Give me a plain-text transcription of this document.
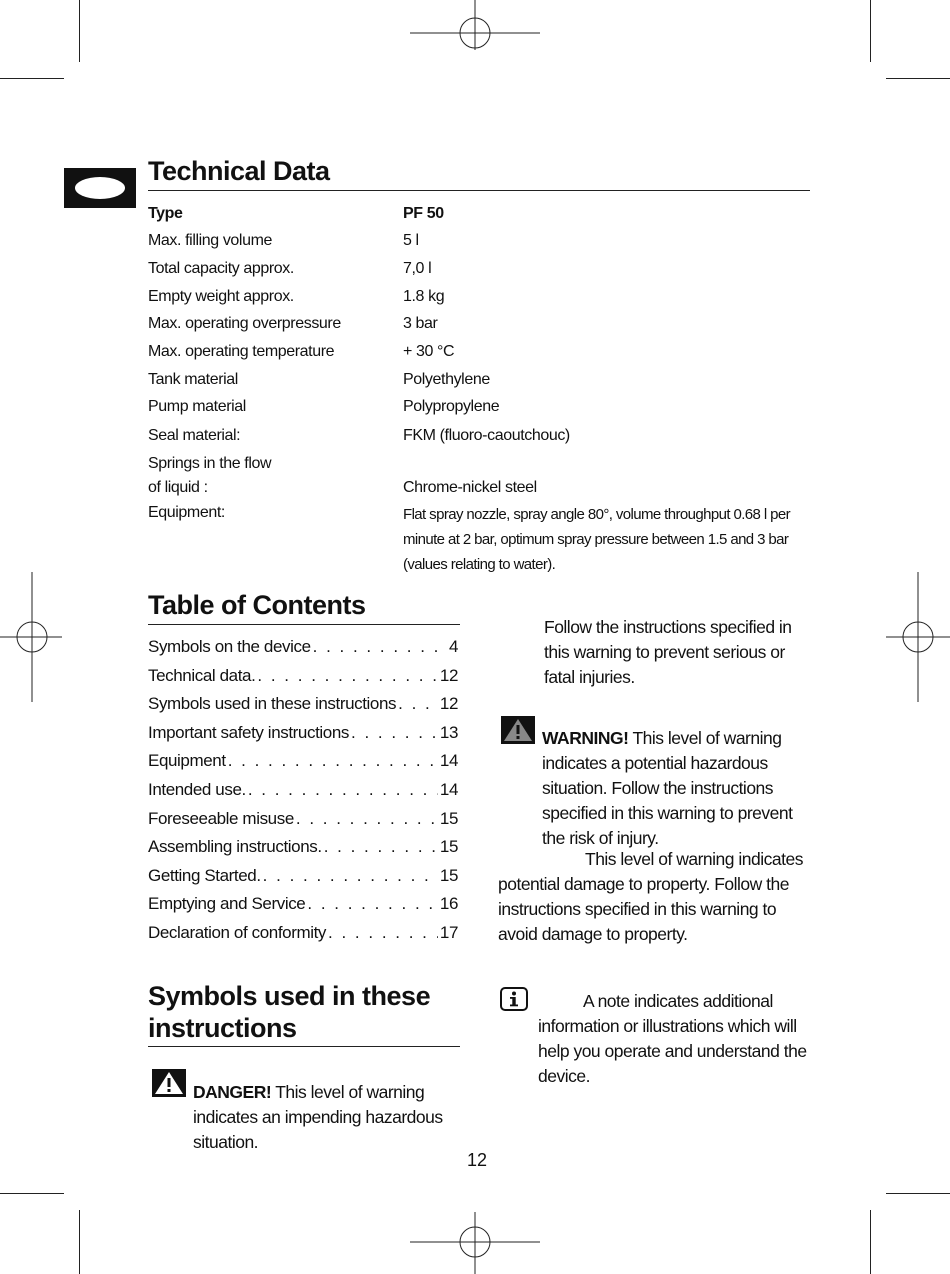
Technical Data
Type	PF 50
Max. filling volume	5 l
Total capacity approx.	7,0 l
Empty weight approx.	1.8 kg
Max. operating overpressure	3 bar
Max. operating temperature	+ 30 °C
Tank material	Polyethylene
Pump material	Polypropylene
Seal material:	FKM (fluoro-caoutchouc)
Springs in the flow
of liquid :	Chrome-nickel steel
Equipment:	Flat spray nozzle, spray angle 80°, volume throughput 0.68 l per minute at 2 bar, optimum spray pressure between 1.5 and 3 bar (values relating to water).
Table of Contents
Symbols on the device . . .	4
Technical data. . . .	12
Symbols used in these instructions . . .	12
Important safety instructions . . .	13
Equipment . . .	14
Intended use. . . .	14
Foreseeable misuse . . .	15
Assembling instructions. . . .	15
Getting Started. . . .	15
Emptying and Service . . .	16
Declaration of conformity . . .	17
Symbols used in these instructions
DANGER! This level of warning indicates an impending hazardous situation.
Follow the instructions specified in this warning to prevent serious or fatal injuries.
WARNING! This level of warning indicates a potential hazardous situation. Follow the instructions specified in this warning to prevent the risk of injury.
This level of warning indicates potential damage to property. Follow the instructions specified in this warning to avoid damage to property.
A note indicates additional information or illustrations which will help you operate and understand the device.
12
